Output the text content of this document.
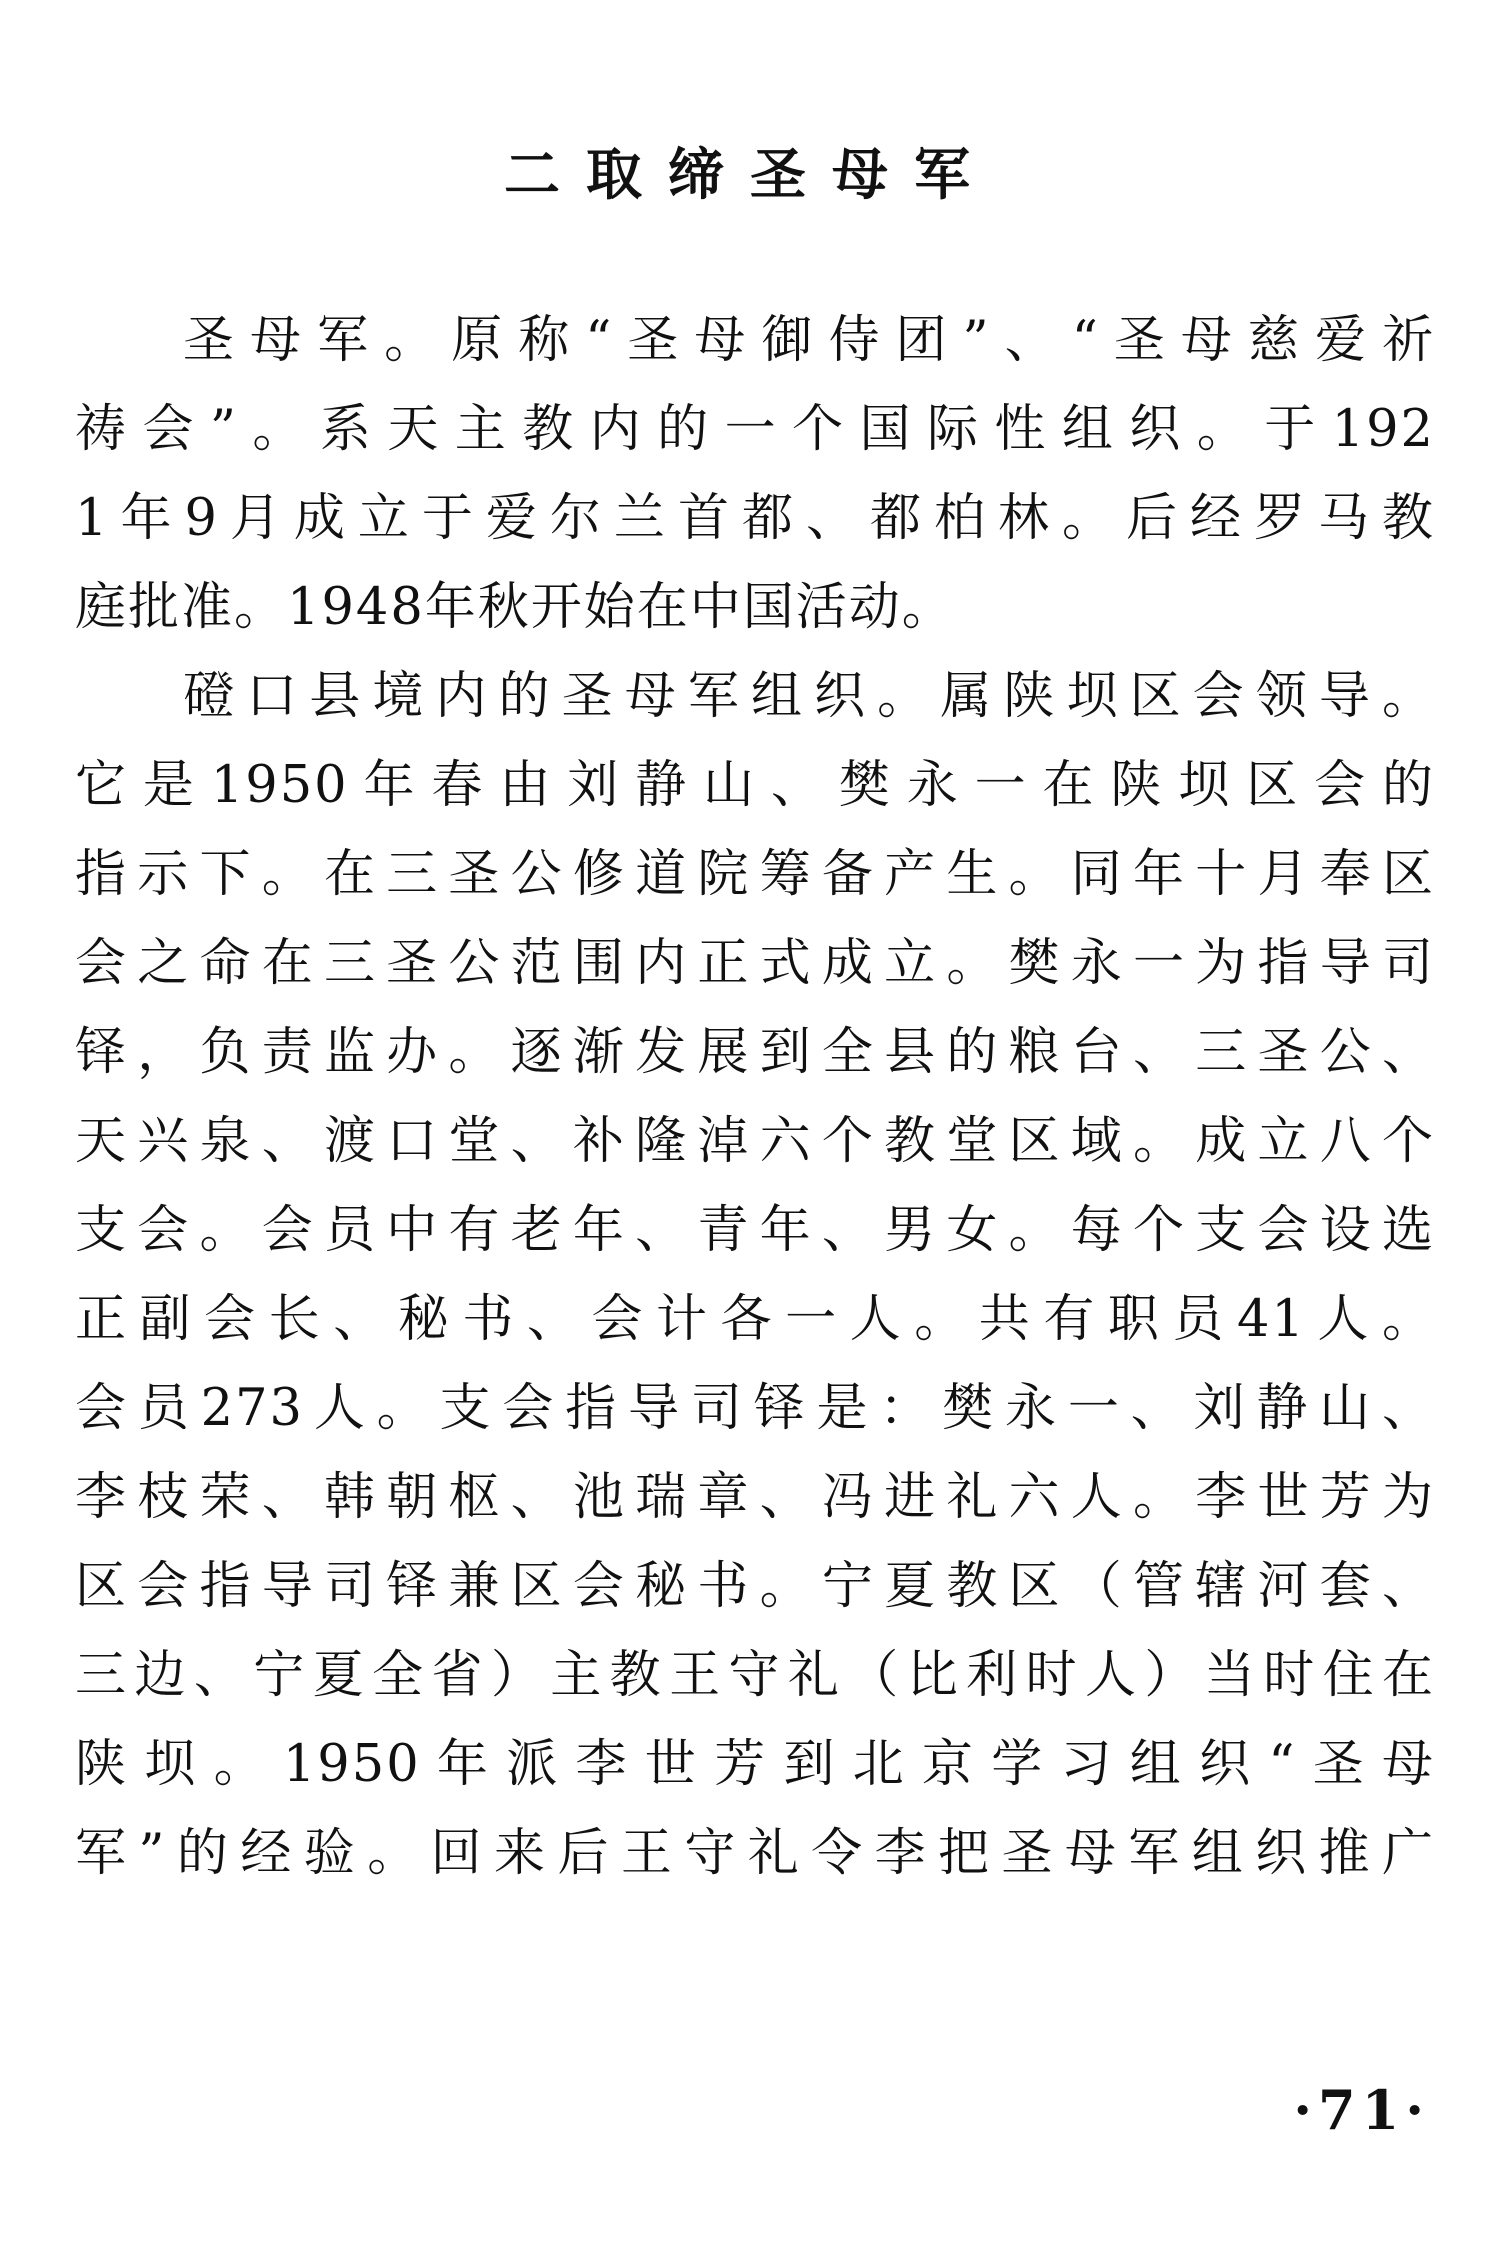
二取缔圣母军
圣母军。原称“圣母御侍团”、“圣母慈爱祈
祷会”。系天主教内的一个国际性组织。于192
1年9月成立于爱尔兰首都、都柏林。后经罗马教
庭批准。1948年秋开始在中国活动。
磴口县境内的圣母军组织。属陕坝区会领导。
它是1950年春由刘静山、樊永一在陕坝区会的
指示下。在三圣公修道院筹备产生。同年十月奉区
会之命在三圣公范围内正式成立。樊永一为指导司
铎，负责监办。逐渐发展到全县的粮台、三圣公、
天兴泉、渡口堂、补隆淖六个教堂区域。成立八个
支会。会员中有老年、青年、男女。每个支会设选
正副会长、秘书、会计各一人。共有职员41人。
会员273人。支会指导司铎是：樊永一、刘静山、
李枝荣、韩朝枢、池瑞章、冯进礼六人。李世芳为
区会指导司铎兼区会秘书。宁夏教区（管辖河套、
三边、宁夏全省）主教王守礼（比利时人）当时住在
陕坝。1950年派李世芳到北京学习组织“圣母
军”的经验。回来后王守礼令李把圣母军组织推广
·71·
